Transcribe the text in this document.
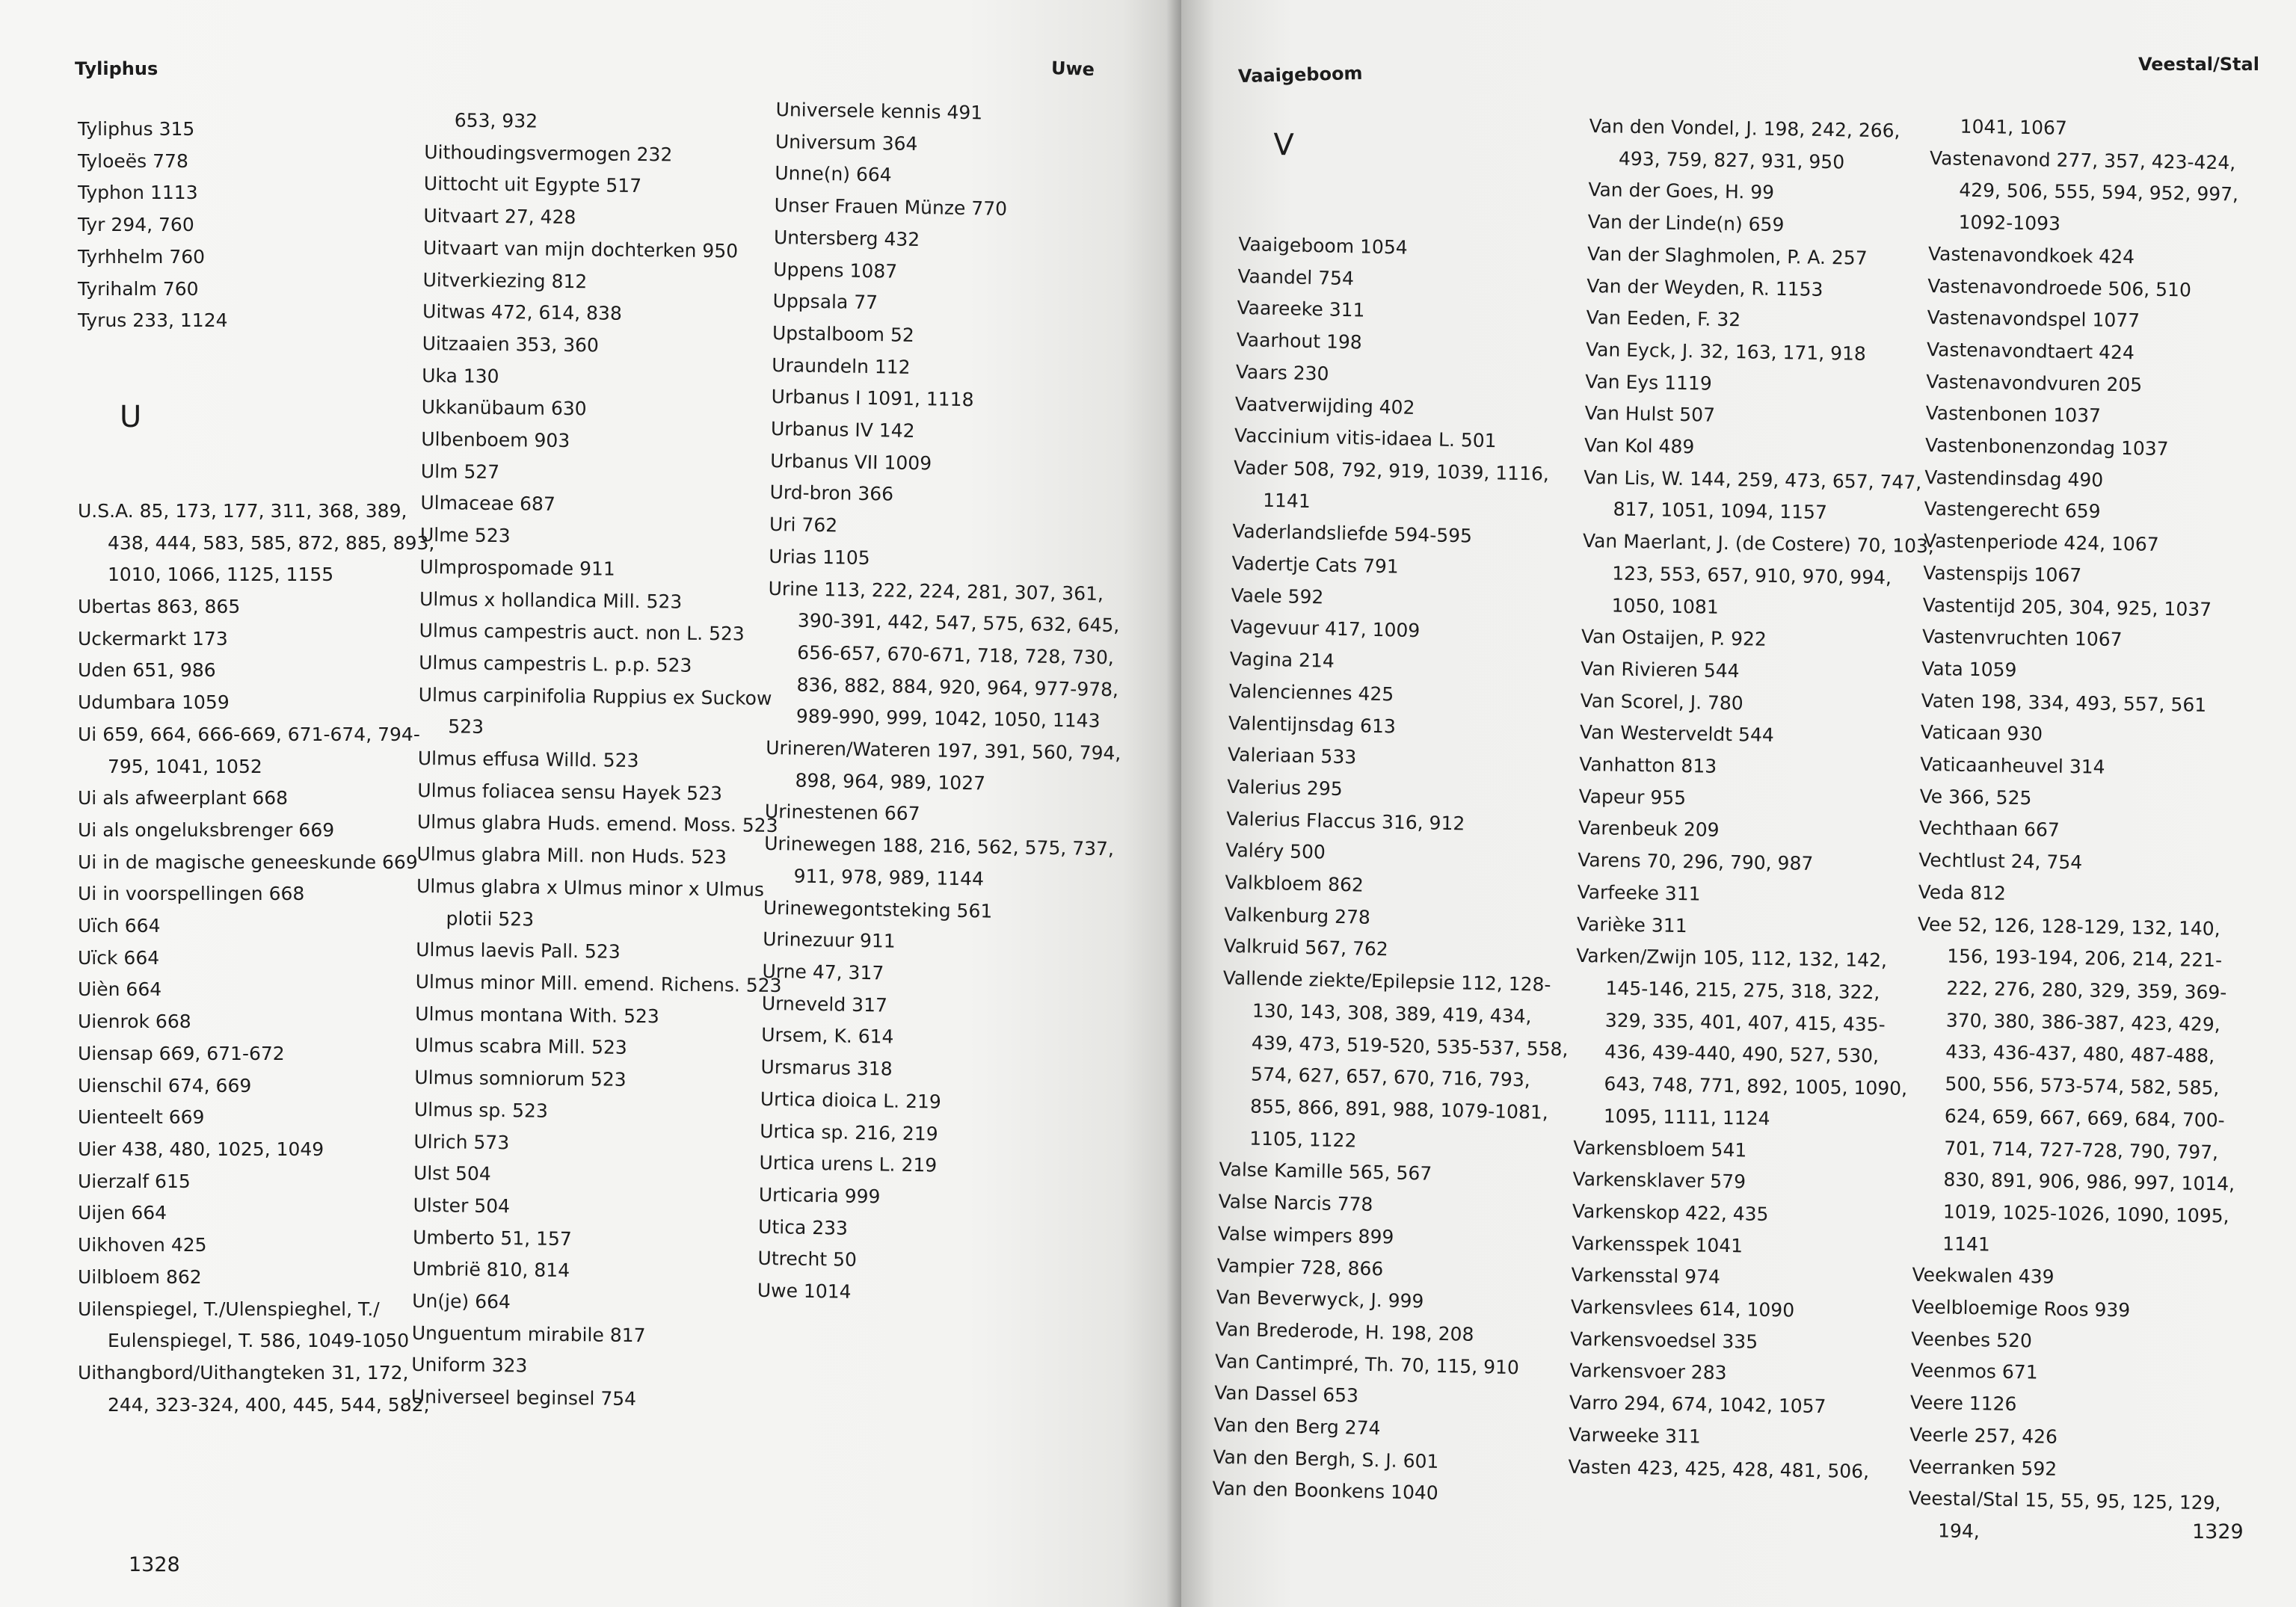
Tyliphus	Uwe
Tyliphus 315
Tyloeës 778
Typhon 1113
Tyr 294, 760
Tyrhhelm 760
Tyrihalm 760
Tyrus 233, 1124
U
U.S.A. 85, 173, 177, 311, 368, 389, 438, 444, 583, 585, 872, 885, 893, 1010, 1066, 1125, 1155
Ubertas 863, 865
Uckermarkt 173
Uden 651, 986
Udumbara 1059
Ui 659, 664, 666-669, 671-674, 794-795, 1041, 1052
Ui als afweerplant 668
Ui als ongeluksbrenger 669
Ui in de magische geneeskunde 669
Ui in voorspellingen 668
Uïch 664
Uïck 664
Uièn 664
Uienrok 668
Uiensap 669, 671-672
Uienschil 674, 669
Uienteelt 669
Uier 438, 480, 1025, 1049
Uierzalf 615
Uijen 664
Uikhoven 425
Uilbloem 862
Uilenspiegel, T./Ulenspieghel, T./ Eulenspiegel, T. 586, 1049-1050
Uithangbord/Uithangteken 31, 172, 244, 323-324, 400, 445, 544, 582,
653, 932
Uithoudingsvermogen 232
Uittocht uit Egypte 517
Uitvaart 27, 428
Uitvaart van mijn dochterken 950
Uitverkiezing 812
Uitwas 472, 614, 838
Uitzaaien 353, 360
Uka 130
Ukkanübaum 630
Ulbenboem 903
Ulm 527
Ulmaceae 687
Ulme 523
Ulmprospomade 911
Ulmus x hollandica Mill. 523
Ulmus campestris auct. non L. 523
Ulmus campestris L. p.p. 523
Ulmus carpinifolia Ruppius ex Suckow 523
Ulmus effusa Willd. 523
Ulmus foliacea sensu Hayek 523
Ulmus glabra Huds. emend. Moss. 523
Ulmus glabra Mill. non Huds. 523
Ulmus glabra x Ulmus minor x Ulmus plotii 523
Ulmus laevis Pall. 523
Ulmus minor Mill. emend. Richens. 523
Ulmus montana With. 523
Ulmus scabra Mill. 523
Ulmus somniorum 523
Ulmus sp. 523
Ulrich 573
Ulst 504
Ulster 504
Umberto 51, 157
Umbrië 810, 814
Un(je) 664
Unguentum mirabile 817
Uniform 323
Universeel beginsel 754
Universele kennis 491
Universum 364
Unne(n) 664
Unser Frauen Münze 770
Untersberg 432
Uppens 1087
Uppsala 77
Upstalboom 52
Uraundeln 112
Urbanus I 1091, 1118
Urbanus IV 142
Urbanus VII 1009
Urd-bron 366
Uri 762
Urias 1105
Urine 113, 222, 224, 281, 307, 361, 390-391, 442, 547, 575, 632, 645, 656-657, 670-671, 718, 728, 730, 836, 882, 884, 920, 964, 977-978, 989-990, 999, 1042, 1050, 1143
Urineren/Wateren 197, 391, 560, 794, 898, 964, 989, 1027
Urinestenen 667
Urinewegen 188, 216, 562, 575, 737, 911, 978, 989, 1144
Urinewegontsteking 561
Urinezuur 911
Urne 47, 317
Urneveld 317
Ursem, K. 614
Ursmarus 318
Urtica dioica L. 219
Urtica sp. 216, 219
Urtica urens L. 219
Urticaria 999
Utica 233
Utrecht 50
Uwe 1014
1328
Vaaigeboom	Veestal/Stal
1329
V
Vaaigeboom 1054
Vaandel 754
Vaareeke 311
Vaarhout 198
Vaars 230
Vaatverwijding 402
Vaccinium vitis-idaea L. 501
Vader 508, 792, 919, 1039, 1116, 1141
Vaderlandsliefde 594-595
Vadertje Cats 791
Vaele 592
Vagevuur 417, 1009
Vagina 214
Valenciennes 425
Valentijnsdag 613
Valeriaan 533
Valerius 295
Valerius Flaccus 316, 912
Valéry 500
Valkbloem 862
Valkenburg 278
Valkruid 567, 762
Vallende ziekte/Epilepsie 112, 128-130, 143, 308, 389, 419, 434, 439, 473, 519-520, 535-537, 558, 574, 627, 657, 670, 716, 793, 855, 866, 891, 988, 1079-1081, 1105, 1122
Valse Kamille 565, 567
Valse Narcis 778
Valse wimpers 899
Vampier 728, 866
Van Beverwyck, J. 999
Van Brederode, H. 198, 208
Van Cantimpré, Th. 70, 115, 910
Van Dassel 653
Van den Berg 274
Van den Bergh, S. J. 601
Van den Boonkens 1040
Van den Vondel, J. 198, 242, 266, 493, 759, 827, 931, 950
Van der Goes, H. 99
Van der Linde(n) 659
Van der Slaghmolen, P. A. 257
Van der Weyden, R. 1153
Van Eeden, F. 32
Van Eyck, J. 32, 163, 171, 918
Van Eys 1119
Van Hulst 507
Van Kol 489
Van Lis, W. 144, 259, 473, 657, 747, 817, 1051, 1094, 1157
Van Maerlant, J. (de Costere) 70, 103, 123, 553, 657, 910, 970, 994, 1050, 1081
Van Ostaijen, P. 922
Van Rivieren 544
Van Scorel, J. 780
Van Westerveldt 544
Vanhatton 813
Vapeur 955
Varenbeuk 209
Varens 70, 296, 790, 987
Varfeeke 311
Varièke 311
Varken/Zwijn 105, 112, 132, 142, 145-146, 215, 275, 318, 322, 329, 335, 401, 407, 415, 435-436, 439-440, 490, 527, 530, 643, 748, 771, 892, 1005, 1090, 1095, 1111, 1124
Varkensbloem 541
Varkensklaver 579
Varkenskop 422, 435
Varkensspek 1041
Varkensstal 974
Varkensvlees 614, 1090
Varkensvoedsel 335
Varkensvoer 283
Varro 294, 674, 1042, 1057
Varweeke 311
Vasten 423, 425, 428, 481, 506,
1041, 1067
Vastenavond 277, 357, 423-424, 429, 506, 555, 594, 952, 997, 1092-1093
Vastenavondkoek 424
Vastenavondroede 506, 510
Vastenavondspel 1077
Vastenavondtaert 424
Vastenavondvuren 205
Vastenbonen 1037
Vastenbonenzondag 1037
Vastendinsdag 490
Vastengerecht 659
Vastenperiode 424, 1067
Vastenspijs 1067
Vastentijd 205, 304, 925, 1037
Vastenvruchten 1067
Vata 1059
Vaten 198, 334, 493, 557, 561
Vaticaan 930
Vaticaanheuvel 314
Ve 366, 525
Vechthaan 667
Vechtlust 24, 754
Veda 812
Vee 52, 126, 128-129, 132, 140, 156, 193-194, 206, 214, 221-222, 276, 280, 329, 359, 369-370, 380, 386-387, 423, 429, 433, 436-437, 480, 487-488, 500, 556, 573-574, 582, 585, 624, 659, 667, 669, 684, 700-701, 714, 727-728, 790, 797, 830, 891, 906, 986, 997, 1014, 1019, 1025-1026, 1090, 1095, 1141
Veekwalen 439
Veelbloemige Roos 939
Veenbes 520
Veenmos 671
Veere 1126
Veerle 257, 426
Veerranken 592
Veestal/Stal 15, 55, 95, 125, 129, 194,
